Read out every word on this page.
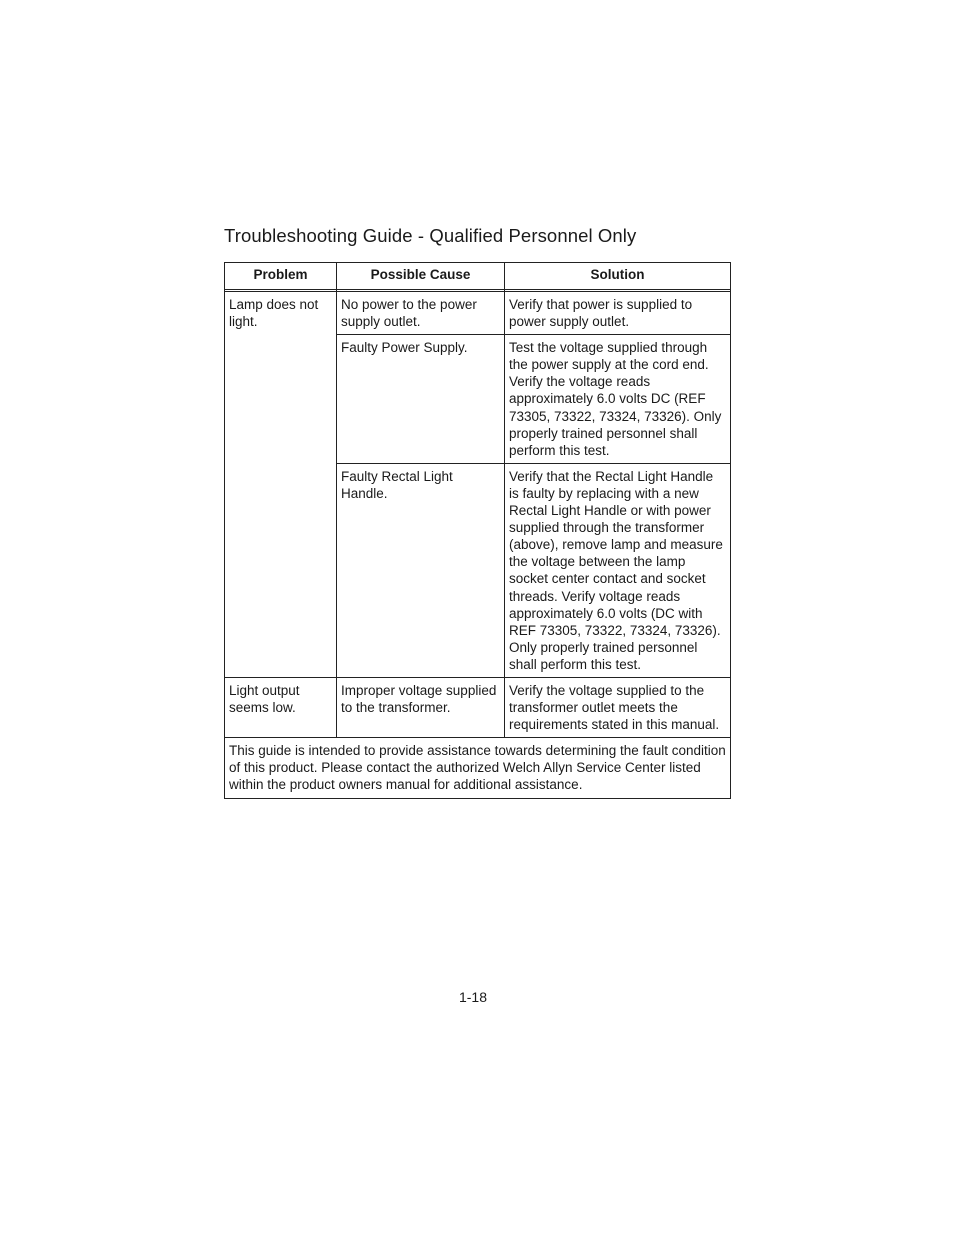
Troubleshooting Guide - Qualified Personnel Only
Problem	Possible Cause	Solution

Lamp does not light.	No power to the power supply outlet.	Verify that power is supplied to power supply outlet.
	Faulty Power Supply.	Test the voltage supplied through the power supply at the cord end. Verify the voltage reads approximately 6.0 volts DC (REF 73305, 73322, 73324, 73326). Only properly trained personnel shall perform this test.
	Faulty Rectal Light Handle.	Verify that the Rectal Light Handle is faulty by replacing with a new Rectal Light Handle or with power supplied through the transformer (above), remove lamp and measure the voltage between the lamp socket center contact and socket threads. Verify voltage reads approximately 6.0 volts (DC with REF 73305, 73322, 73324, 73326). Only properly trained personnel shall perform this test.
Light output seems low.	Improper voltage supplied to the transformer.	Verify the voltage supplied to the transformer outlet meets the requirements stated in this manual.
This guide is intended to provide assistance towards determining the fault condition of this product. Please contact the authorized Welch Allyn Service Center listed within the product owners manual for additional assistance.		
1-18
